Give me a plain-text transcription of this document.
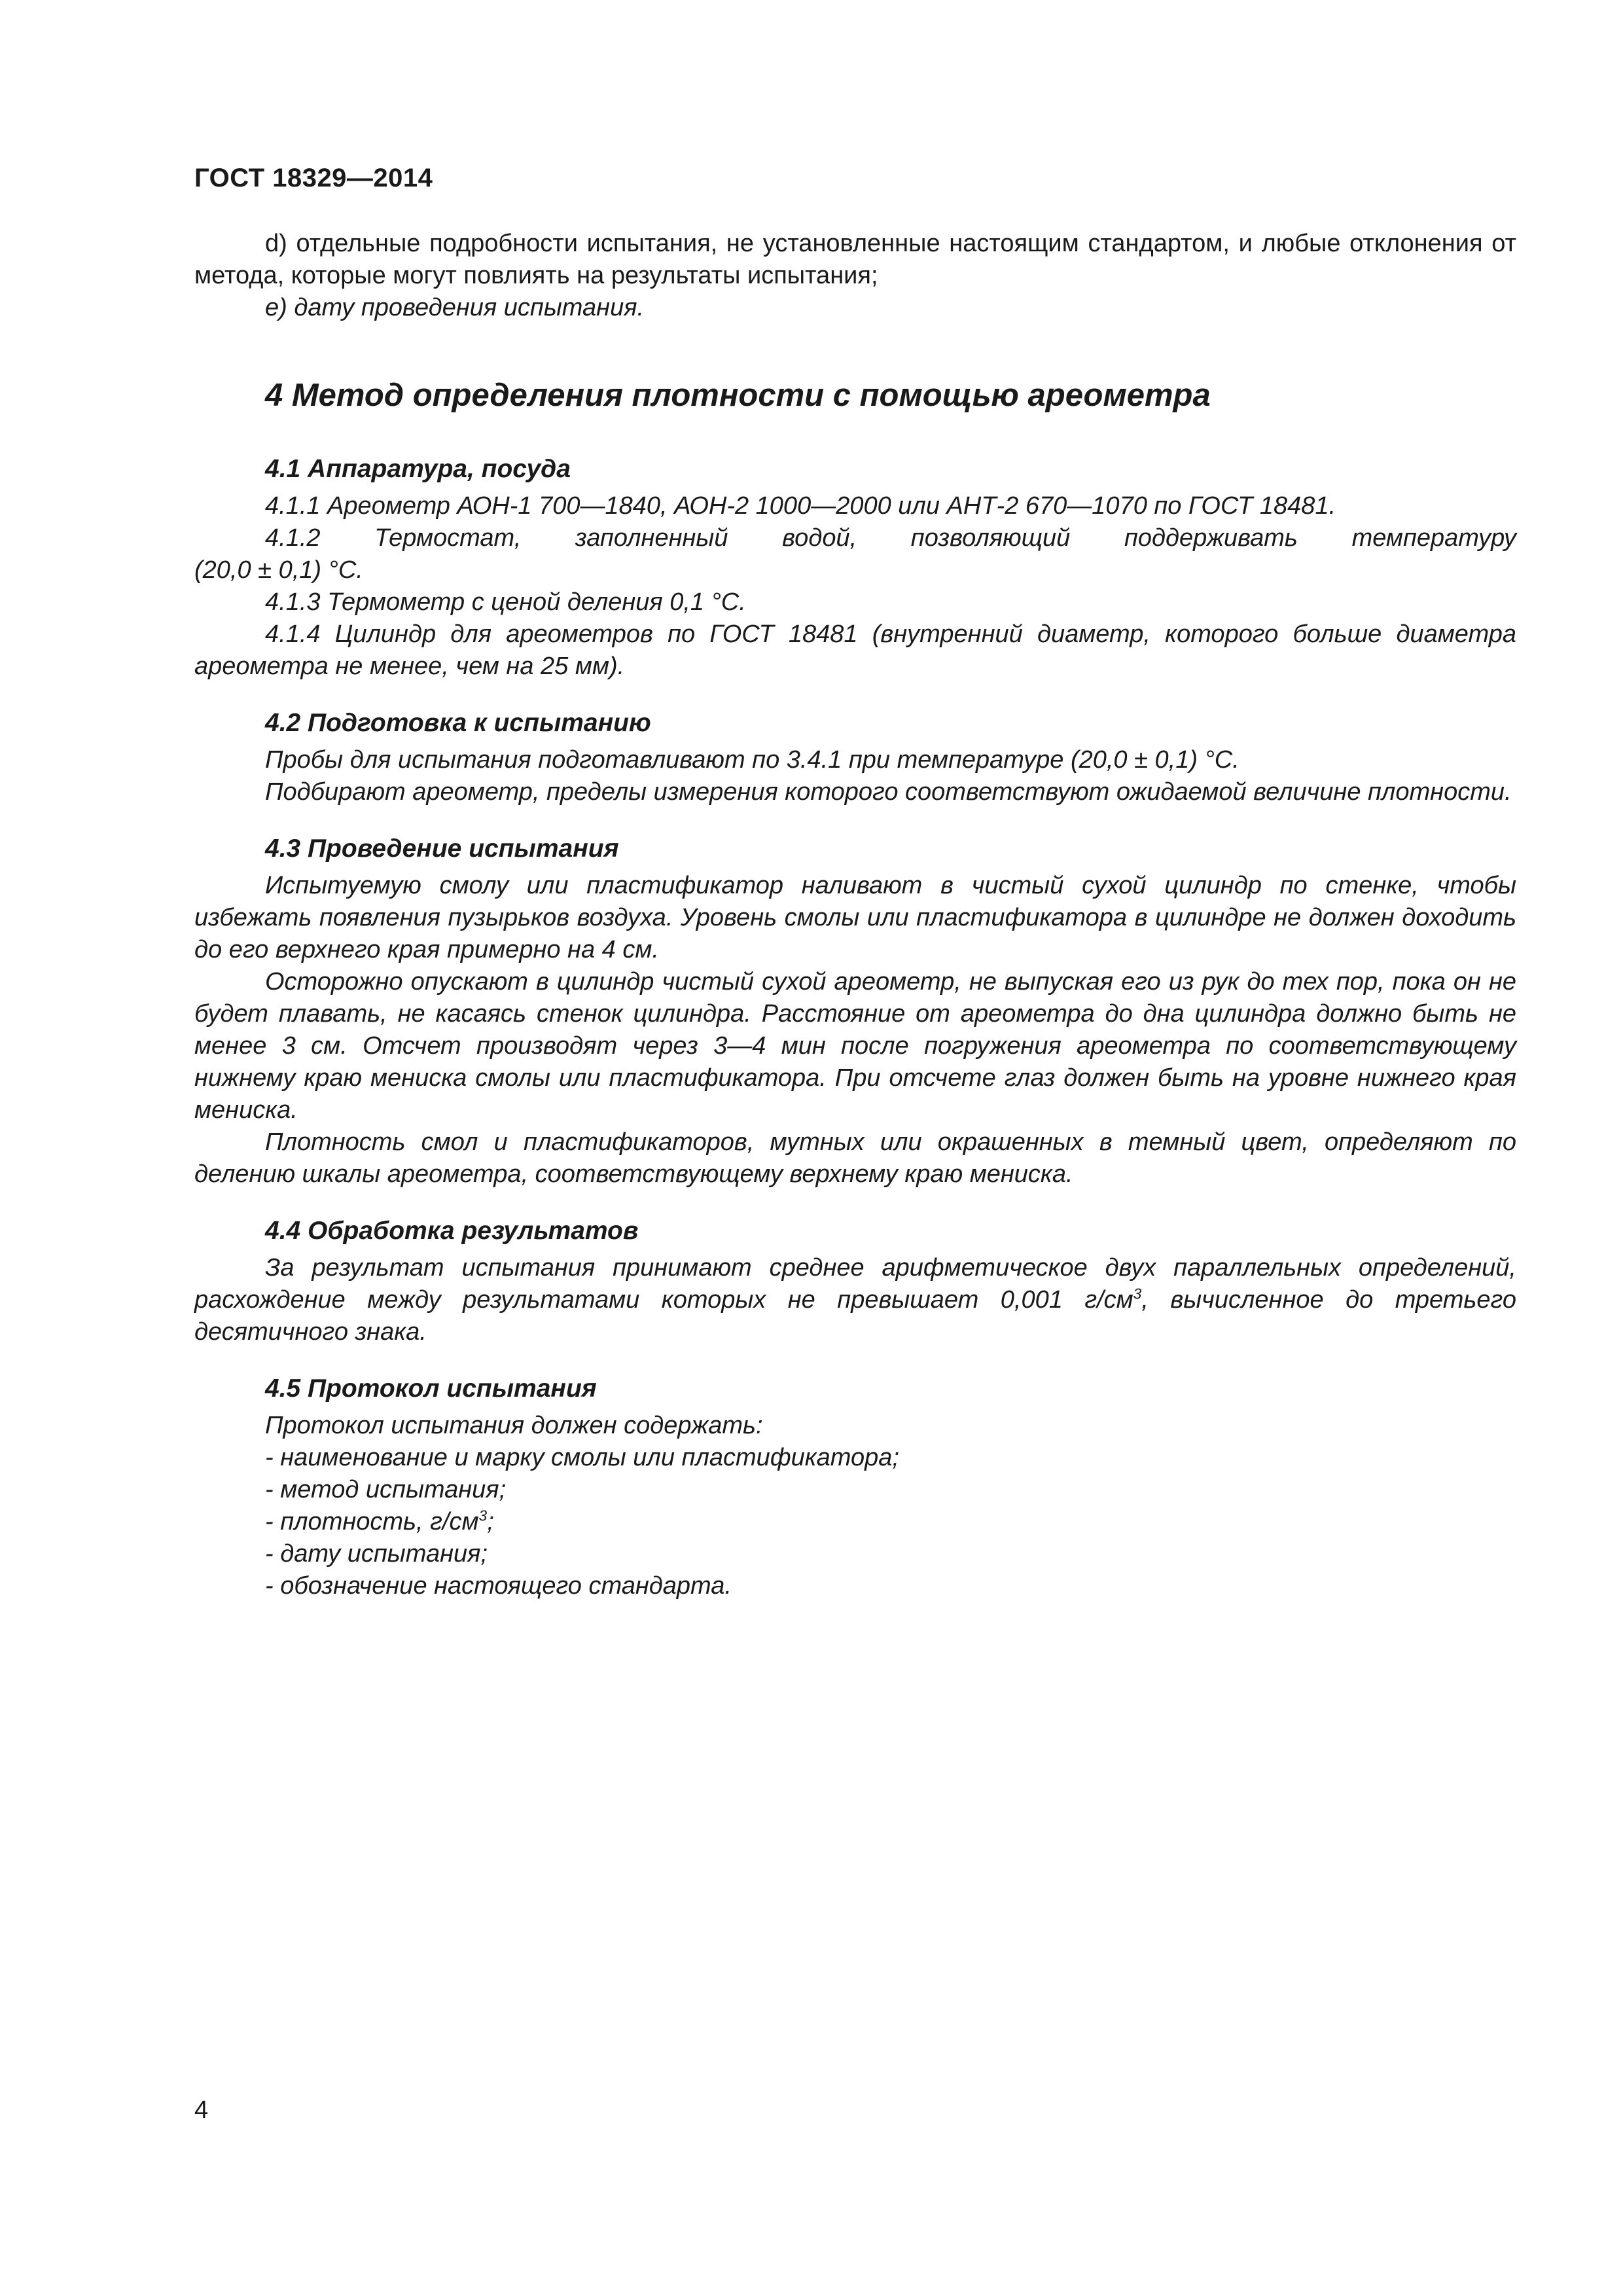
ГОСТ 18329—2014

d) отдельные подробности испытания, не установленные настоящим стандартом, и любые отклонения от метода, которые могут повлиять на результаты испытания;

e) дату проведения испытания.

4 Метод определения плотности с помощью ареометра
4.1 Аппаратура, посуда

4.1.1 Ареометр АОН-1 700—1840, АОН-2 1000—2000 или АНТ-2 670—1070 по ГОСТ 18481.

4.1.2 Термостат, заполненный водой, позволяющий поддерживать температуру

(20,0 ± 0,1) °С.

4.1.3 Термометр с ценой деления 0,1 °С.

4.1.4 Цилиндр для ареометров по ГОСТ 18481 (внутренний диаметр, которого больше диаметра ареометра не менее, чем на 25 мм).

4.2 Подготовка к испытанию

Пробы для испытания подготавливают по 3.4.1 при температуре (20,0 ± 0,1) °С.

Подбирают ареометр, пределы измерения которого соответствуют ожидаемой величине плотности.

4.3 Проведение испытания

Испытуемую смолу или пластификатор наливают в чистый сухой цилиндр по стенке, чтобы избежать появления пузырьков воздуха. Уровень смолы или пластификатора в цилиндре не должен доходить до его верхнего края примерно на 4 см.

Осторожно опускают в цилиндр чистый сухой ареометр, не выпуская его из рук до тех пор, пока он не будет плавать, не касаясь стенок цилиндра. Расстояние от ареометра до дна цилиндра должно быть не менее 3 см. Отсчет производят через 3—4 мин после погружения ареометра по соответствующему нижнему краю мениска смолы или пластификатора. При отсчете глаз должен быть на уровне нижнего края мениска.

Плотность смол и пластификаторов, мутных или окрашенных в темный цвет, определяют по делению шкалы ареометра, соответствующему верхнему краю мениска.

4.4 Обработка результатов

За результат испытания принимают среднее арифметическое двух параллельных определений, расхождение между результатами которых не превышает 0,001 $г/см^3$, вычисленное до третьего десятичного знака.

4.5 Протокол испытания
Протокол испытания должен содержать:
- наименование и марку смолы или пластификатора;
- метод испытания;
- плотность, $г/см^3$;
- дату испытания;
- обозначение настоящего стандарта.
4
